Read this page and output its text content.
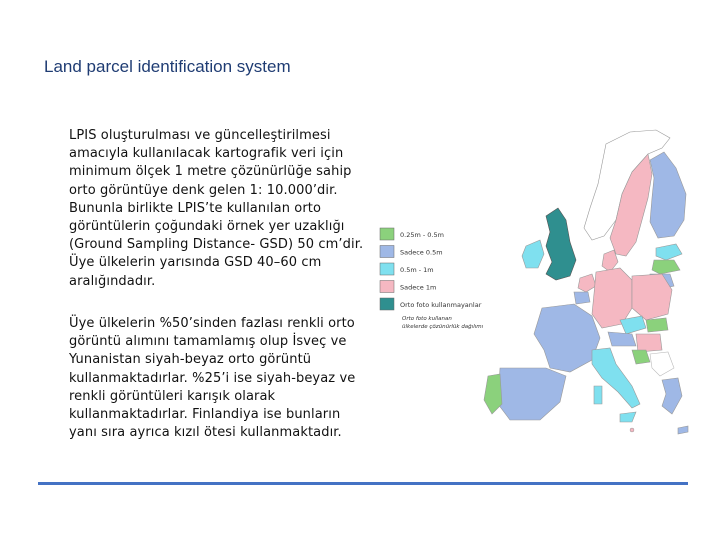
Land parcel identification system
LPIS oluşturulması ve güncelleştirilmesi amacıyla kullanılacak kartografik veri için minimum ölçek 1 metre çözünürlüğe sahip orto görüntüye denk gelen 1: 10.000’dir. Bununla birlikte LPIS’te kullanılan orto görüntülerin çoğundaki örnek yer uzaklığı (Ground Sampling Distance- GSD) 50 cm’dir. Üye ülkelerin yarısında GSD 40–60 cm aralığındadır.
Üye ülkelerin %50’sinden fazlası renkli orto görüntü alımını tamamlamış olup İsveç ve Yunanistan siyah-beyaz orto görüntü kullanmaktadırlar. %25’i ise siyah-beyaz ve renkli görüntüleri karışık olarak kullanmaktadırlar. Finlandiya ise bunların yanı sıra ayrıca kızıl ötesi kullanmaktadır.
0.25m - 0.5m
Sadece 0.5m
0.5m - 1m
Sadece 1m
Orto foto kullanmayanlar
Orto foto kullanan
ülkelerde çözünürlük dağılımı
